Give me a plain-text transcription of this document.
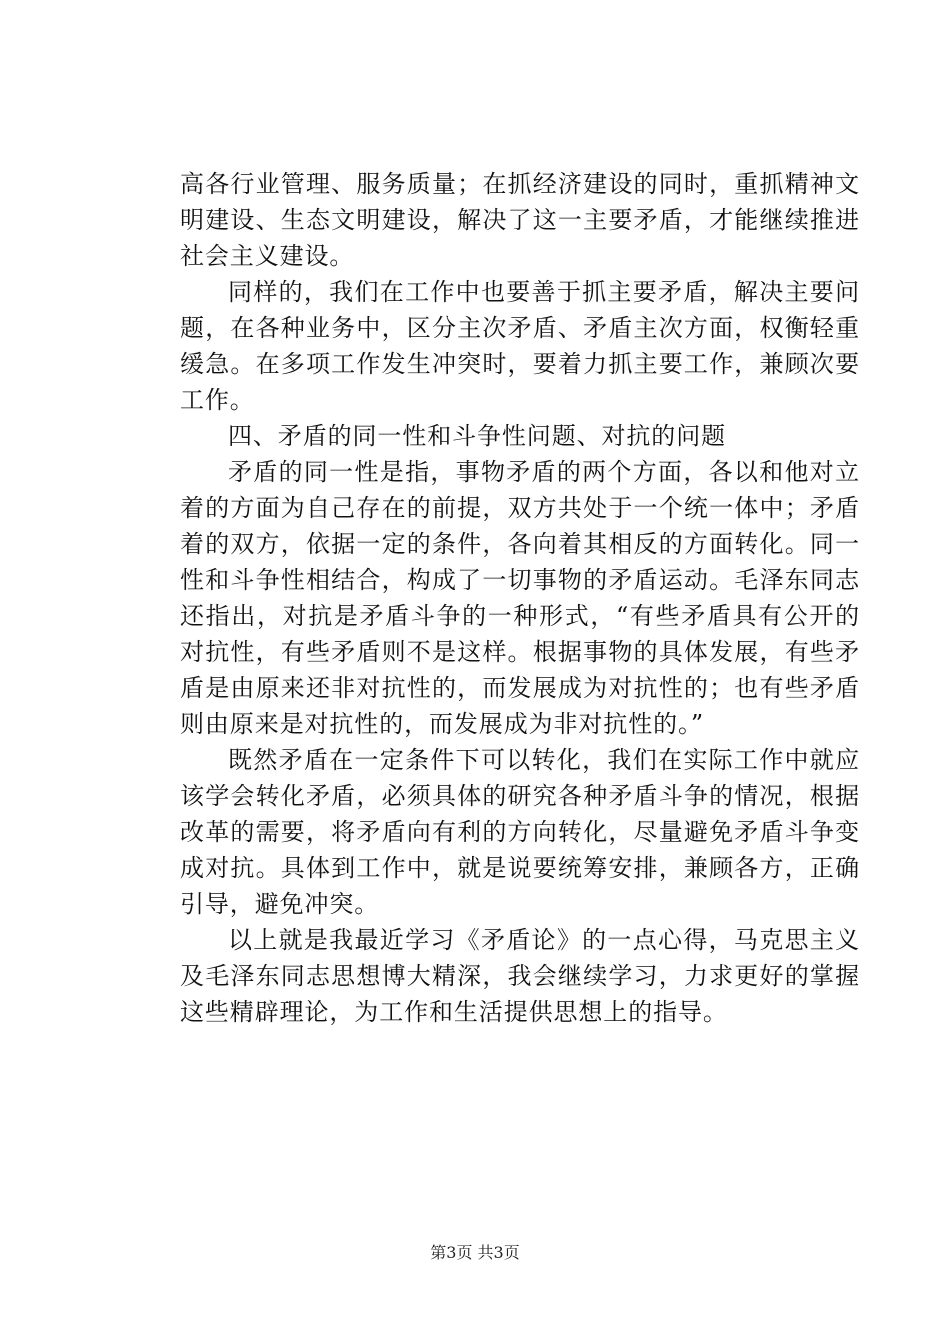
高各行业管理、服务质量；在抓经济建设的同时，重抓精神文
明建设、生态文明建设，解决了这一主要矛盾，才能继续推进
社会主义建设。
同样的，我们在工作中也要善于抓主要矛盾，解决主要问
题，在各种业务中，区分主次矛盾、矛盾主次方面，权衡轻重
缓急。在多项工作发生冲突时，要着力抓主要工作，兼顾次要
工作。
四、矛盾的同一性和斗争性问题、对抗的问题
矛盾的同一性是指，事物矛盾的两个方面，各以和他对立
着的方面为自己存在的前提，双方共处于一个统一体中；矛盾
着的双方，依据一定的条件，各向着其相反的方面转化。同一
性和斗争性相结合，构成了一切事物的矛盾运动。毛泽东同志
还指出，对抗是矛盾斗争的一种形式，“有些矛盾具有公开的
对抗性，有些矛盾则不是这样。根据事物的具体发展，有些矛
盾是由原来还非对抗性的，而发展成为对抗性的；也有些矛盾
则由原来是对抗性的，而发展成为非对抗性的。”
既然矛盾在一定条件下可以转化，我们在实际工作中就应
该学会转化矛盾，必须具体的研究各种矛盾斗争的情况，根据
改革的需要，将矛盾向有利的方向转化，尽量避免矛盾斗争变
成对抗。具体到工作中，就是说要统筹安排，兼顾各方，正确
引导，避免冲突。
以上就是我最近学习《矛盾论》的一点心得，马克思主义
及毛泽东同志思想博大精深，我会继续学习，力求更好的掌握
这些精辟理论，为工作和生活提供思想上的指导。
第3页 共3页
